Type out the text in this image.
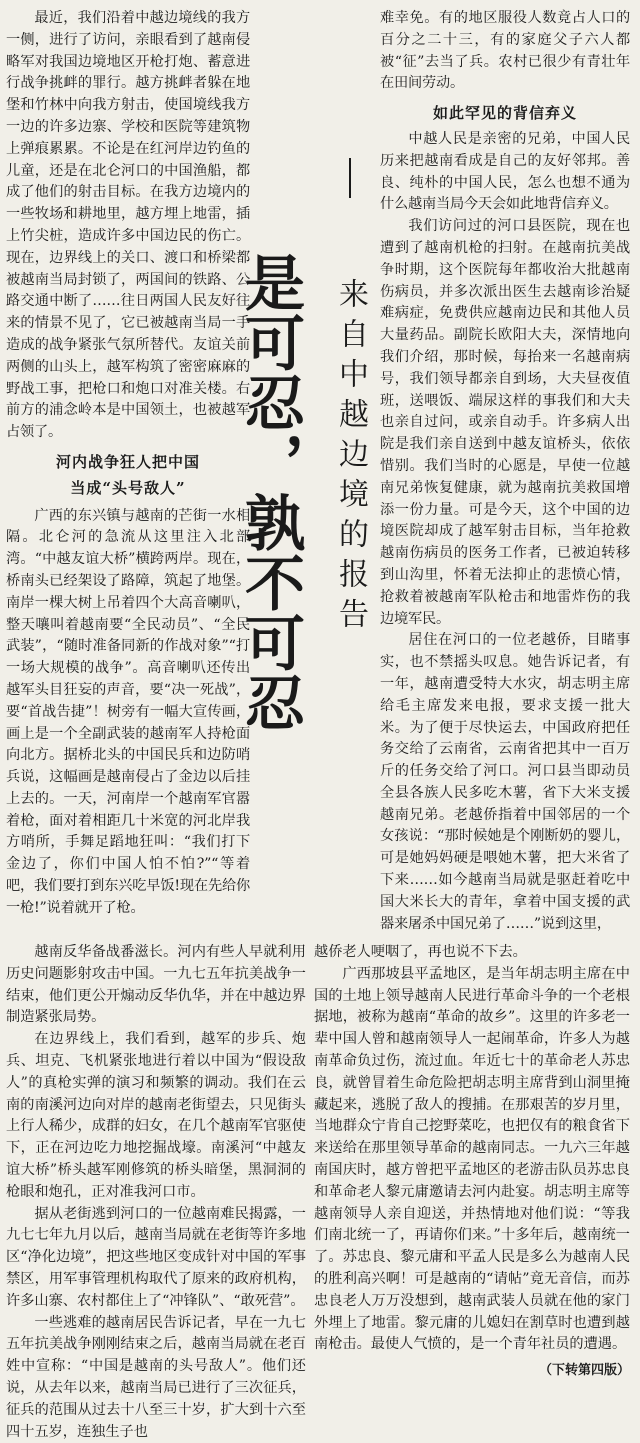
最近，我们沿着中越边境线的我方一侧，进行了访问，亲眼看到了越南侵略军对我国边境地区开枪打炮、蓄意进行战争挑衅的罪行。越方挑衅者躲在地堡和竹林中向我方射击，使国境线我方一边的许多边寨、学校和医院等建筑物上弹痕累累。不论是在红河岸边钓鱼的儿童，还是在北仑河口的中国渔船，都成了他们的射击目标。在我方边境内的一些牧场和耕地里，越方埋上地雷，插上竹尖桩，造成许多中国边民的伤亡。现在，边界线上的关口、渡口和桥梁都被越南当局封锁了，两国间的铁路、公路交通中断了……往日两国人民友好往来的情景不见了，它已被越南当局一手造成的战争紧张气氛所替代。友谊关前两侧的山头上，越军构筑了密密麻麻的野战工事，把枪口和炮口对准关楼。右前方的浦念岭本是中国领土，也被越军占领了。

河内战争狂人把中国
当成“头号敌人”

广西的东兴镇与越南的芒街一水相隔。北仑河的急流从这里注入北部湾。“中越友谊大桥”横跨两岸。现在，桥南头已经架设了路障，筑起了地堡。南岸一棵大树上吊着四个大高音喇叭，整天嚷叫着越南要“全民动员”、“全民武装”，“随时准备同新的作战对象”“打一场大规模的战争”。高音喇叭还传出越军头目狂妄的声音，要“决一死战”，要“首战告捷”！树旁有一幅大宣传画，画上是一个全副武装的越南军人持枪面向北方。据桥北头的中国民兵和边防哨兵说，这幅画是越南侵占了金边以后挂上去的。一天，河南岸一个越南军官嚣着枪，面对着相距几十米宽的河北岸我方哨所，手舞足蹈地狂叫：“我们打下金边了，你们中国人怕不怕?”“等着吧，我们要打到东兴吃早饭!现在先给你一枪!”说着就开了枪。

是可忍，孰不可忍 来自中越边境的报告

难幸免。有的地区服役人数竟占人口的百分之二十三，有的家庭父子六人都被“征”去当了兵。农村已很少有青壮年在田间劳动。

如此罕见的背信弃义

中越人民是亲密的兄弟，中国人民历来把越南看成是自己的友好邻邦。善良、纯朴的中国人民，怎么也想不通为什么越南当局今天会如此地背信弃义。

我们访问过的河口县医院，现在也遭到了越南机枪的扫射。在越南抗美战争时期，这个医院每年都收治大批越南伤病员，并多次派出医生去越南诊治疑难病症，免费供应越南边民和其他人员大量药品。副院长欧阳大夫，深情地向我们介绍，那时候，每抬来一名越南病号，我们领导都亲自到场，大夫昼夜值班，送喂饭、端尿这样的事我们和大夫也亲自过问，或亲自动手。许多病人出院是我们亲自送到中越友谊桥头，依依惜别。我们当时的心愿是，早使一位越南兄弟恢复健康，就为越南抗美救国增添一份力量。可是今天，这个中国的边境医院却成了越军射击目标，当年抢救越南伤病员的医务工作者，已被迫转移到山沟里，怀着无法抑止的悲愤心情，抢救着被越南军队枪击和地雷炸伤的我边境军民。

居住在河口的一位老越侨，目睹事实，也不禁摇头叹息。她告诉记者，有一年，越南遭受特大水灾，胡志明主席给毛主席发来电报，要求支援一批大米。为了便于尽快运去，中国政府把任务交给了云南省，云南省把其中一百万斤的任务交给了河口。河口县当即动员全县各族人民多吃木薯，省下大米支援越南兄弟。老越侨指着中国邻居的一个女孩说：“那时候她是个刚断奶的婴儿，可是她妈妈硬是喂她木薯，把大米省了下来……如今越南当局就是驱赶着吃中国大米长大的青年，拿着中国支援的武器来屠杀中国兄弟了……”说到这里，

越南反华备战番滋长。河内有些人早就利用历史问题影射攻击中国。一九七五年抗美战争一结束，他们更公开煽动反华仇华，并在中越边界制造紧张局势。

在边界线上，我们看到，越军的步兵、炮兵、坦克、飞机紧张地进行着以中国为“假设敌人”的真枪实弹的演习和频繁的调动。我们在云南的南溪河边向对岸的越南老街望去，只见街头上行人稀少，成群的妇女，在几个越南军官驱使下，正在河边吃力地挖掘战壕。南溪河“中越友谊大桥”桥头越军刚修筑的桥头暗堡，黑洞洞的枪眼和炮孔，正对准我河口市。

据从老街逃到河口的一位越南难民揭露，一九七七年九月以后，越南当局就在老街等许多地区“净化边境”，把这些地区变成针对中国的军事禁区，用军事管理机构取代了原来的政府机构，许多山寨、农村都住上了“冲锋队”、“敢死营”。

一些逃难的越南居民告诉记者，早在一九七五年抗美战争刚刚结束之后，越南当局就在老百姓中宣称：“中国是越南的头号敌人”。他们还说，从去年以来，越南当局已进行了三次征兵，征兵的范围从过去十八至三十岁，扩大到十六至四十五岁，连独生子也

越侨老人哽咽了，再也说不下去。

广西那坡县平孟地区，是当年胡志明主席在中国的土地上领导越南人民进行革命斗争的一个老根据地，被称为越南“革命的故乡”。这里的许多老一辈中国人曾和越南领导人一起闹革命，许多人为越南革命负过伤，流过血。年近七十的革命老人苏忠良，就曾冒着生命危险把胡志明主席背到山洞里掩藏起来，逃脱了敌人的搜捕。在那艰苦的岁月里，当地群众宁肯自己挖野菜吃，也把仅有的粮食省下来送给在那里领导革命的越南同志。一九六三年越南国庆时，越方曾把平孟地区的老游击队员苏忠良和革命老人黎元庸邀请去河内赴宴。胡志明主席等越南领导人亲自迎送，并热情地对他们说：“等我们南北统一了，再请你们来。”十多年后，越南统一了。苏忠良、黎元庸和平孟人民是多么为越南人民的胜利高兴啊！可是越南的“请帖”竟无音信，而苏忠良老人万万没想到，越南武装人员就在他的家门外埋上了地雷。黎元庸的儿媳妇在割草时也遭到越南枪击。最使人气愤的，是一个青年社员的遭遇。

（下转第四版）
